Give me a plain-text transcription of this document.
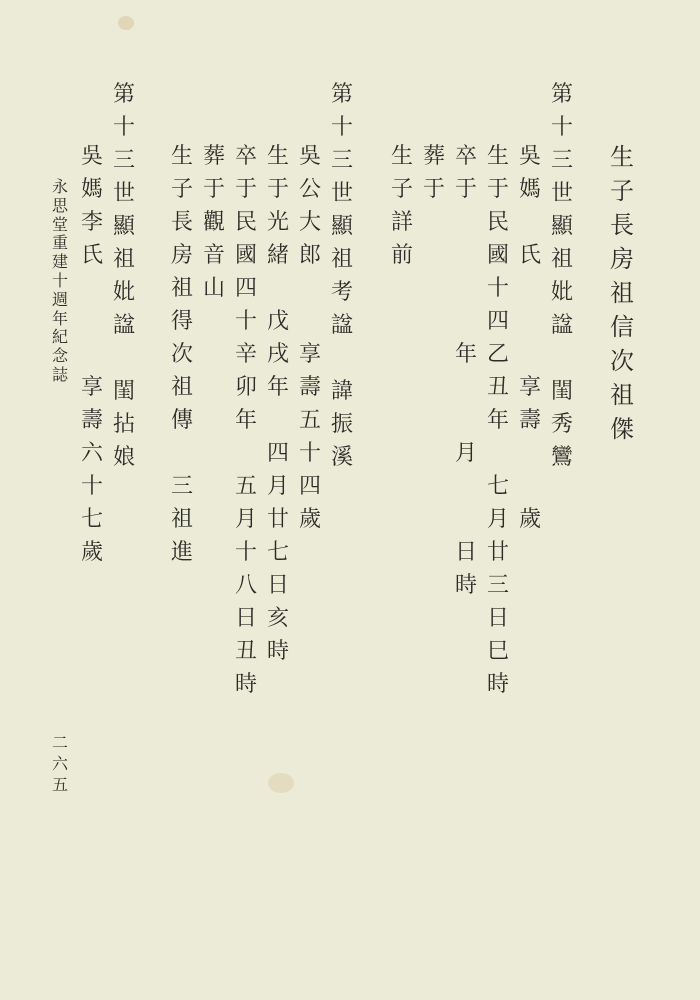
生
子
長
房
祖
信
次
祖
傑
第
十
三
世
顯
祖
妣
諡

閨
秀
鸞
吳
媽

氏

享
壽

歲
生
于
民
國
十
四
乙
丑
年

七
月
廿
三
日
巳
時
卒
于

年

月

日
時
葬
于
生
子
詳
前
第
十
三
世
顯
祖
考
諡

諱
振
溪
吳
公
大
郎

享
壽
五
十
四
歲
生
于
光
緒

戊
戌
年

四
月
廿
七
日
亥
時
卒
于
民
國
四
十
辛
卯
年

五
月
十
八
日
丑
時
葬
于
觀
音
山
生
子
長
房
祖
得
次
祖
傳

三
祖
進
第
十
三
世
顯
祖
妣
諡

閨
拈
娘
吳
媽
李
氏

享
壽
六
十
七
歲
永
思
堂
重
建
十
週
年
紀
念
誌
二
六
五
